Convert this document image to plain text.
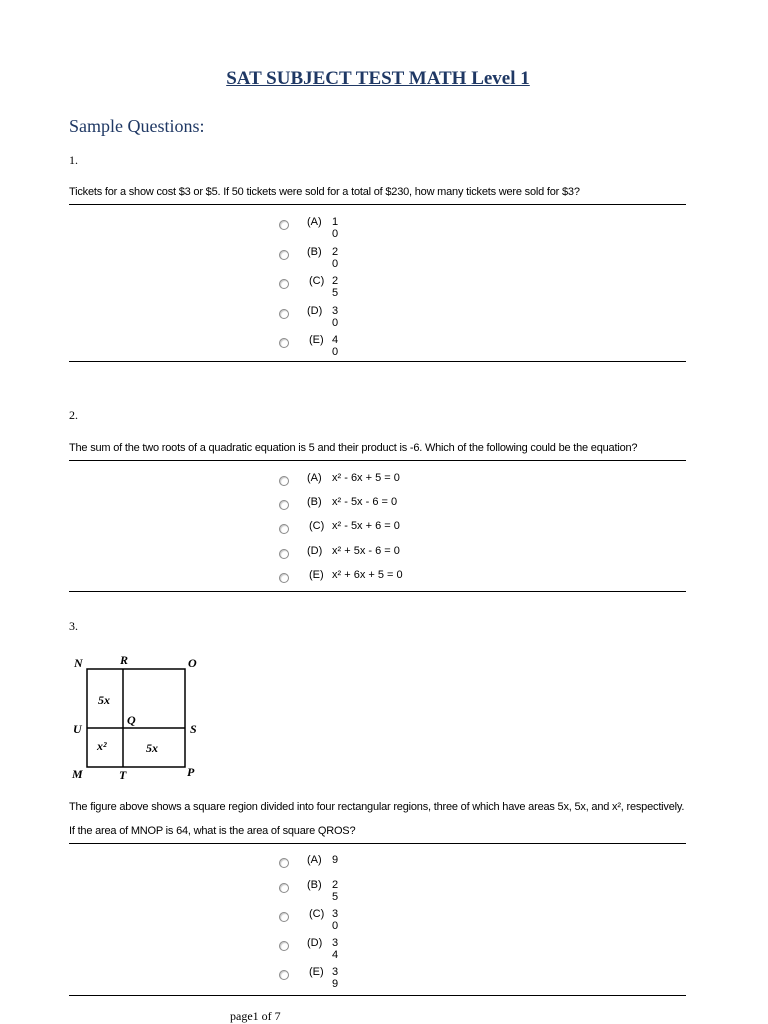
SAT SUBJECT TEST MATH Level 1
Sample Questions:
1.
Tickets for a show cost $3 or $5. If 50 tickets were sold for a total of $230, how many tickets were sold for $3?
(A) 10
(B) 20
(C) 25
(D) 30
(E) 40
2.
The sum of the two roots of a quadratic equation is 5 and their product is -6. Which of the following could be the equation?
(A) x² - 6x + 5 = 0
(B) x² - 5x - 6 = 0
(C) x² - 5x + 6 = 0
(D) x² + 5x - 6 = 0
(E) x² + 6x + 5 = 0
3.
N	R	O
U
Q
S
M	T	P
5x
5x
x²
The figure above shows a square region divided into four rectangular regions, three of which have areas 5x, 5x, and x², respectively.
If the area of MNOP is 64, what is the area of square QROS?
(A) 9
(B) 25
(C) 30
(D) 34
(E) 39
page1 of 7
